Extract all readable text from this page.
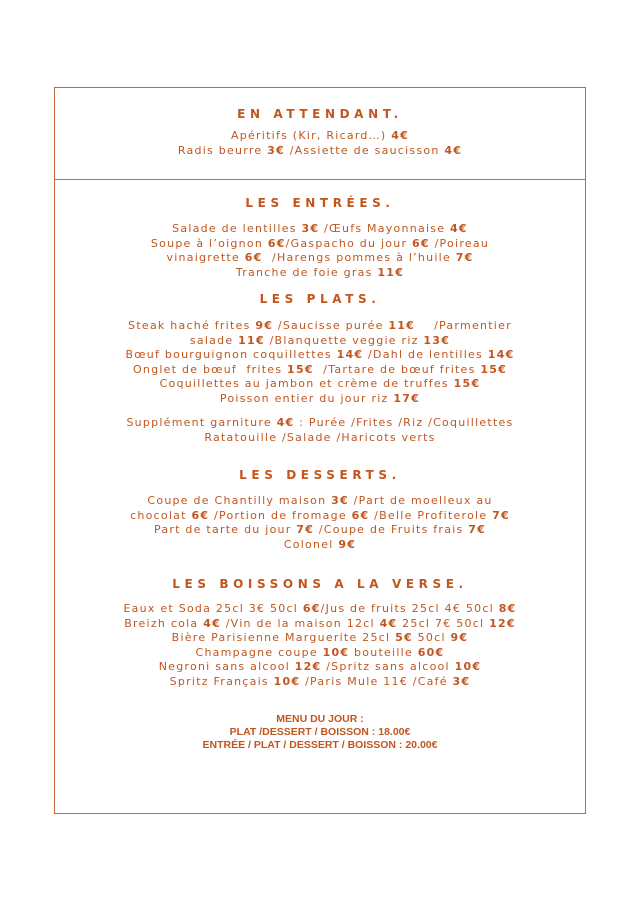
EN ATTENDANT.
Apéritifs (Kir, Ricard…) 4€
Radis beurre 3€ /Assiette de saucisson 4€
LES ENTRÉES.
Salade de lentilles 3€ /Œufs Mayonnaise 4€
Soupe à l’oignon 6€/Gaspacho du jour 6€ /Poireau
vinaigrette 6€  /Harengs pommes à l’huile 7€
Tranche de foie gras 11€
LES PLATS.
Steak haché frites 9€ /Saucisse purée 11€    /Parmentier
salade 11€ /Blanquette veggie riz 13€
Bœuf bourguignon coquillettes 14€ /Dahl de lentilles 14€
Onglet de bœuf  frites 15€  /Tartare de bœuf frites 15€
Coquillettes au jambon et crème de truffes 15€
Poisson entier du jour riz 17€
Supplément garniture 4€ : Purée /Frites /Riz /Coquillettes
Ratatouille /Salade /Haricots verts
LES DESSERTS.
Coupe de Chantilly maison 3€ /Part de moelleux au
chocolat 6€ /Portion de fromage 6€ /Belle Profiterole 7€
Part de tarte du jour 7€ /Coupe de Fruits frais 7€
Colonel 9€
LES BOISSONS A LA VERSE.
Eaux et Soda 25cl 3€ 50cl 6€/Jus de fruits 25cl 4€ 50cl 8€
Breizh cola 4€ /Vin de la maison 12cl 4€ 25cl 7€ 50cl 12€
Bière Parisienne Marguerite 25cl 5€ 50cl 9€
Champagne coupe 10€ bouteille 60€
Negroni sans alcool 12€ /Spritz sans alcool 10€
Spritz Français 10€ /Paris Mule 11€ /Café 3€
MENU DU JOUR :
PLAT /DESSERT / BOISSON : 18.00€
ENTRÉE / PLAT / DESSERT / BOISSON : 20.00€
